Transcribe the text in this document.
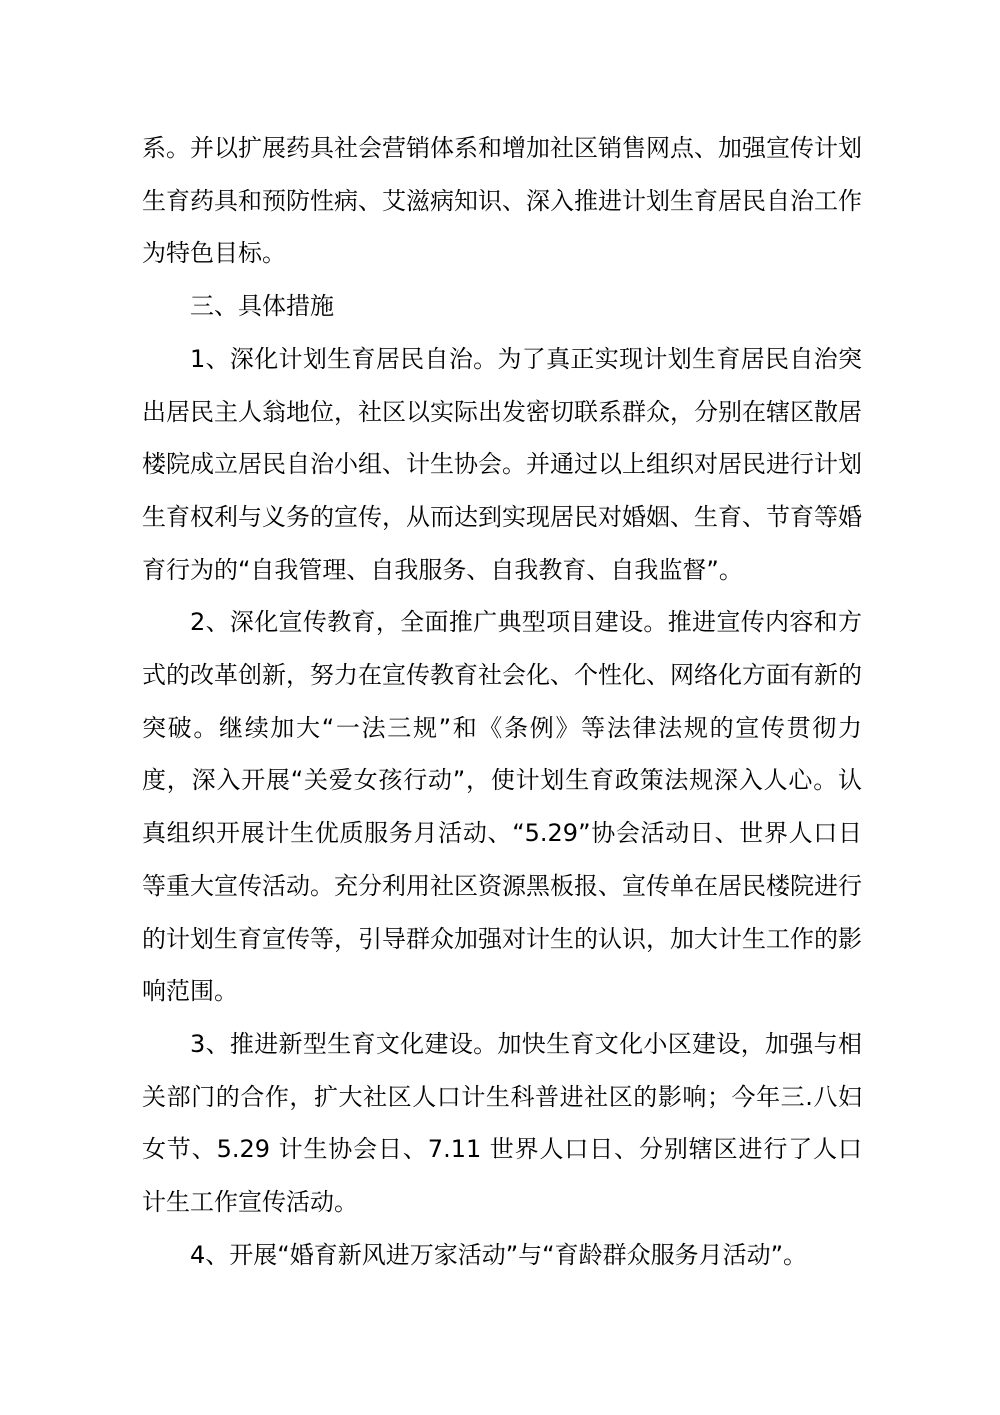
系。并以扩展药具社会营销体系和增加社区销售网点、加强宣传计划生育药具和预防性病、艾滋病知识、深入推进计划生育居民自治工作为特色目标。

三、具体措施

1、深化计划生育居民自治。为了真正实现计划生育居民自治突出居民主人翁地位，社区以实际出发密切联系群众，分别在辖区散居楼院成立居民自治小组、计生协会。并通过以上组织对居民进行计划生育权利与义务的宣传，从而达到实现居民对婚姻、生育、节育等婚育行为的“自我管理、自我服务、自我教育、自我监督”。

2、深化宣传教育，全面推广典型项目建设。推进宣传内容和方式的改革创新，努力在宣传教育社会化、个性化、网络化方面有新的突破。继续加大“一法三规”和《条例》等法律法规的宣传贯彻力度，深入开展“关爱女孩行动”，使计划生育政策法规深入人心。认真组织开展计生优质服务月活动、“5.29”协会活动日、世界人口日等重大宣传活动。充分利用社区资源黑板报、宣传单在居民楼院进行的计划生育宣传等，引导群众加强对计生的认识，加大计生工作的影响范围。

3、推进新型生育文化建设。加快生育文化小区建设，加强与相关部门的合作，扩大社区人口计生科普进社区的影响；今年三.八妇女节、5.29 计生协会日、7.11 世界人口日、分别辖区进行了人口计生工作宣传活动。

4、开展“婚育新风进万家活动”与“育龄群众服务月活动”。
